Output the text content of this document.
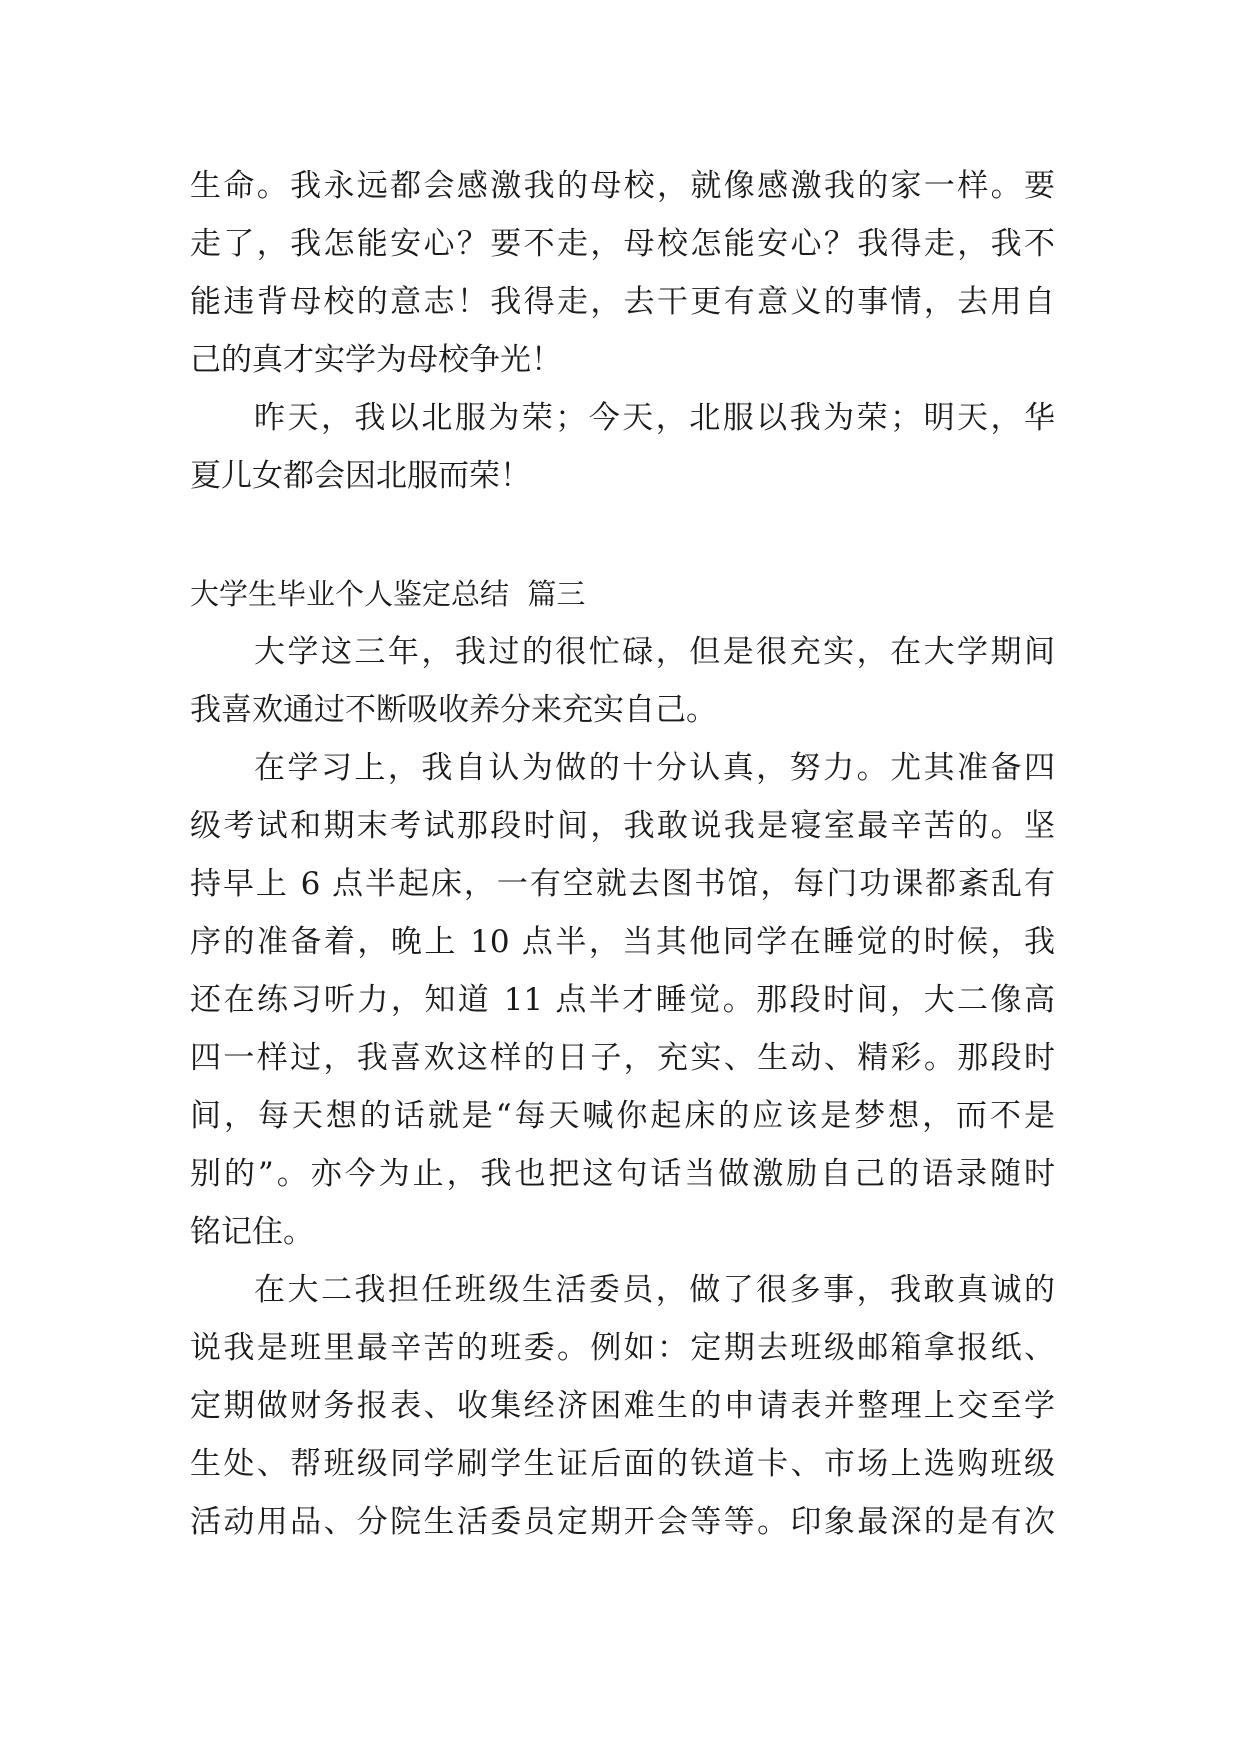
生命。我永远都会感激我的母校，就像感激我的家一样。要
走了，我怎能安心？要不走，母校怎能安心？我得走，我不
能违背母校的意志！我得走，去干更有意义的事情，去用自
己的真才实学为母校争光！
昨天，我以北服为荣；今天，北服以我为荣；明天，华
夏儿女都会因北服而荣！
大学生毕业个人鉴定总结  篇三
大学这三年，我过的很忙碌，但是很充实，在大学期间
我喜欢通过不断吸收养分来充实自己。
在学习上，我自认为做的十分认真，努力。尤其准备四
级考试和期末考试那段时间，我敢说我是寝室最辛苦的。坚
持早上 6 点半起床，一有空就去图书馆，每门功课都紊乱有
序的准备着，晚上 10 点半，当其他同学在睡觉的时候，我
还在练习听力，知道 11 点半才睡觉。那段时间，大二像高
四一样过，我喜欢这样的日子，充实、生动、精彩。那段时
间，每天想的话就是“每天喊你起床的应该是梦想，而不是
别的”。亦今为止，我也把这句话当做激励自己的语录随时
铭记住。
在大二我担任班级生活委员，做了很多事，我敢真诚的
说我是班里最辛苦的班委。例如：定期去班级邮箱拿报纸、
定期做财务报表、收集经济困难生的申请表并整理上交至学
生处、帮班级同学刷学生证后面的铁道卡、市场上选购班级
活动用品、分院生活委员定期开会等等。印象最深的是有次
